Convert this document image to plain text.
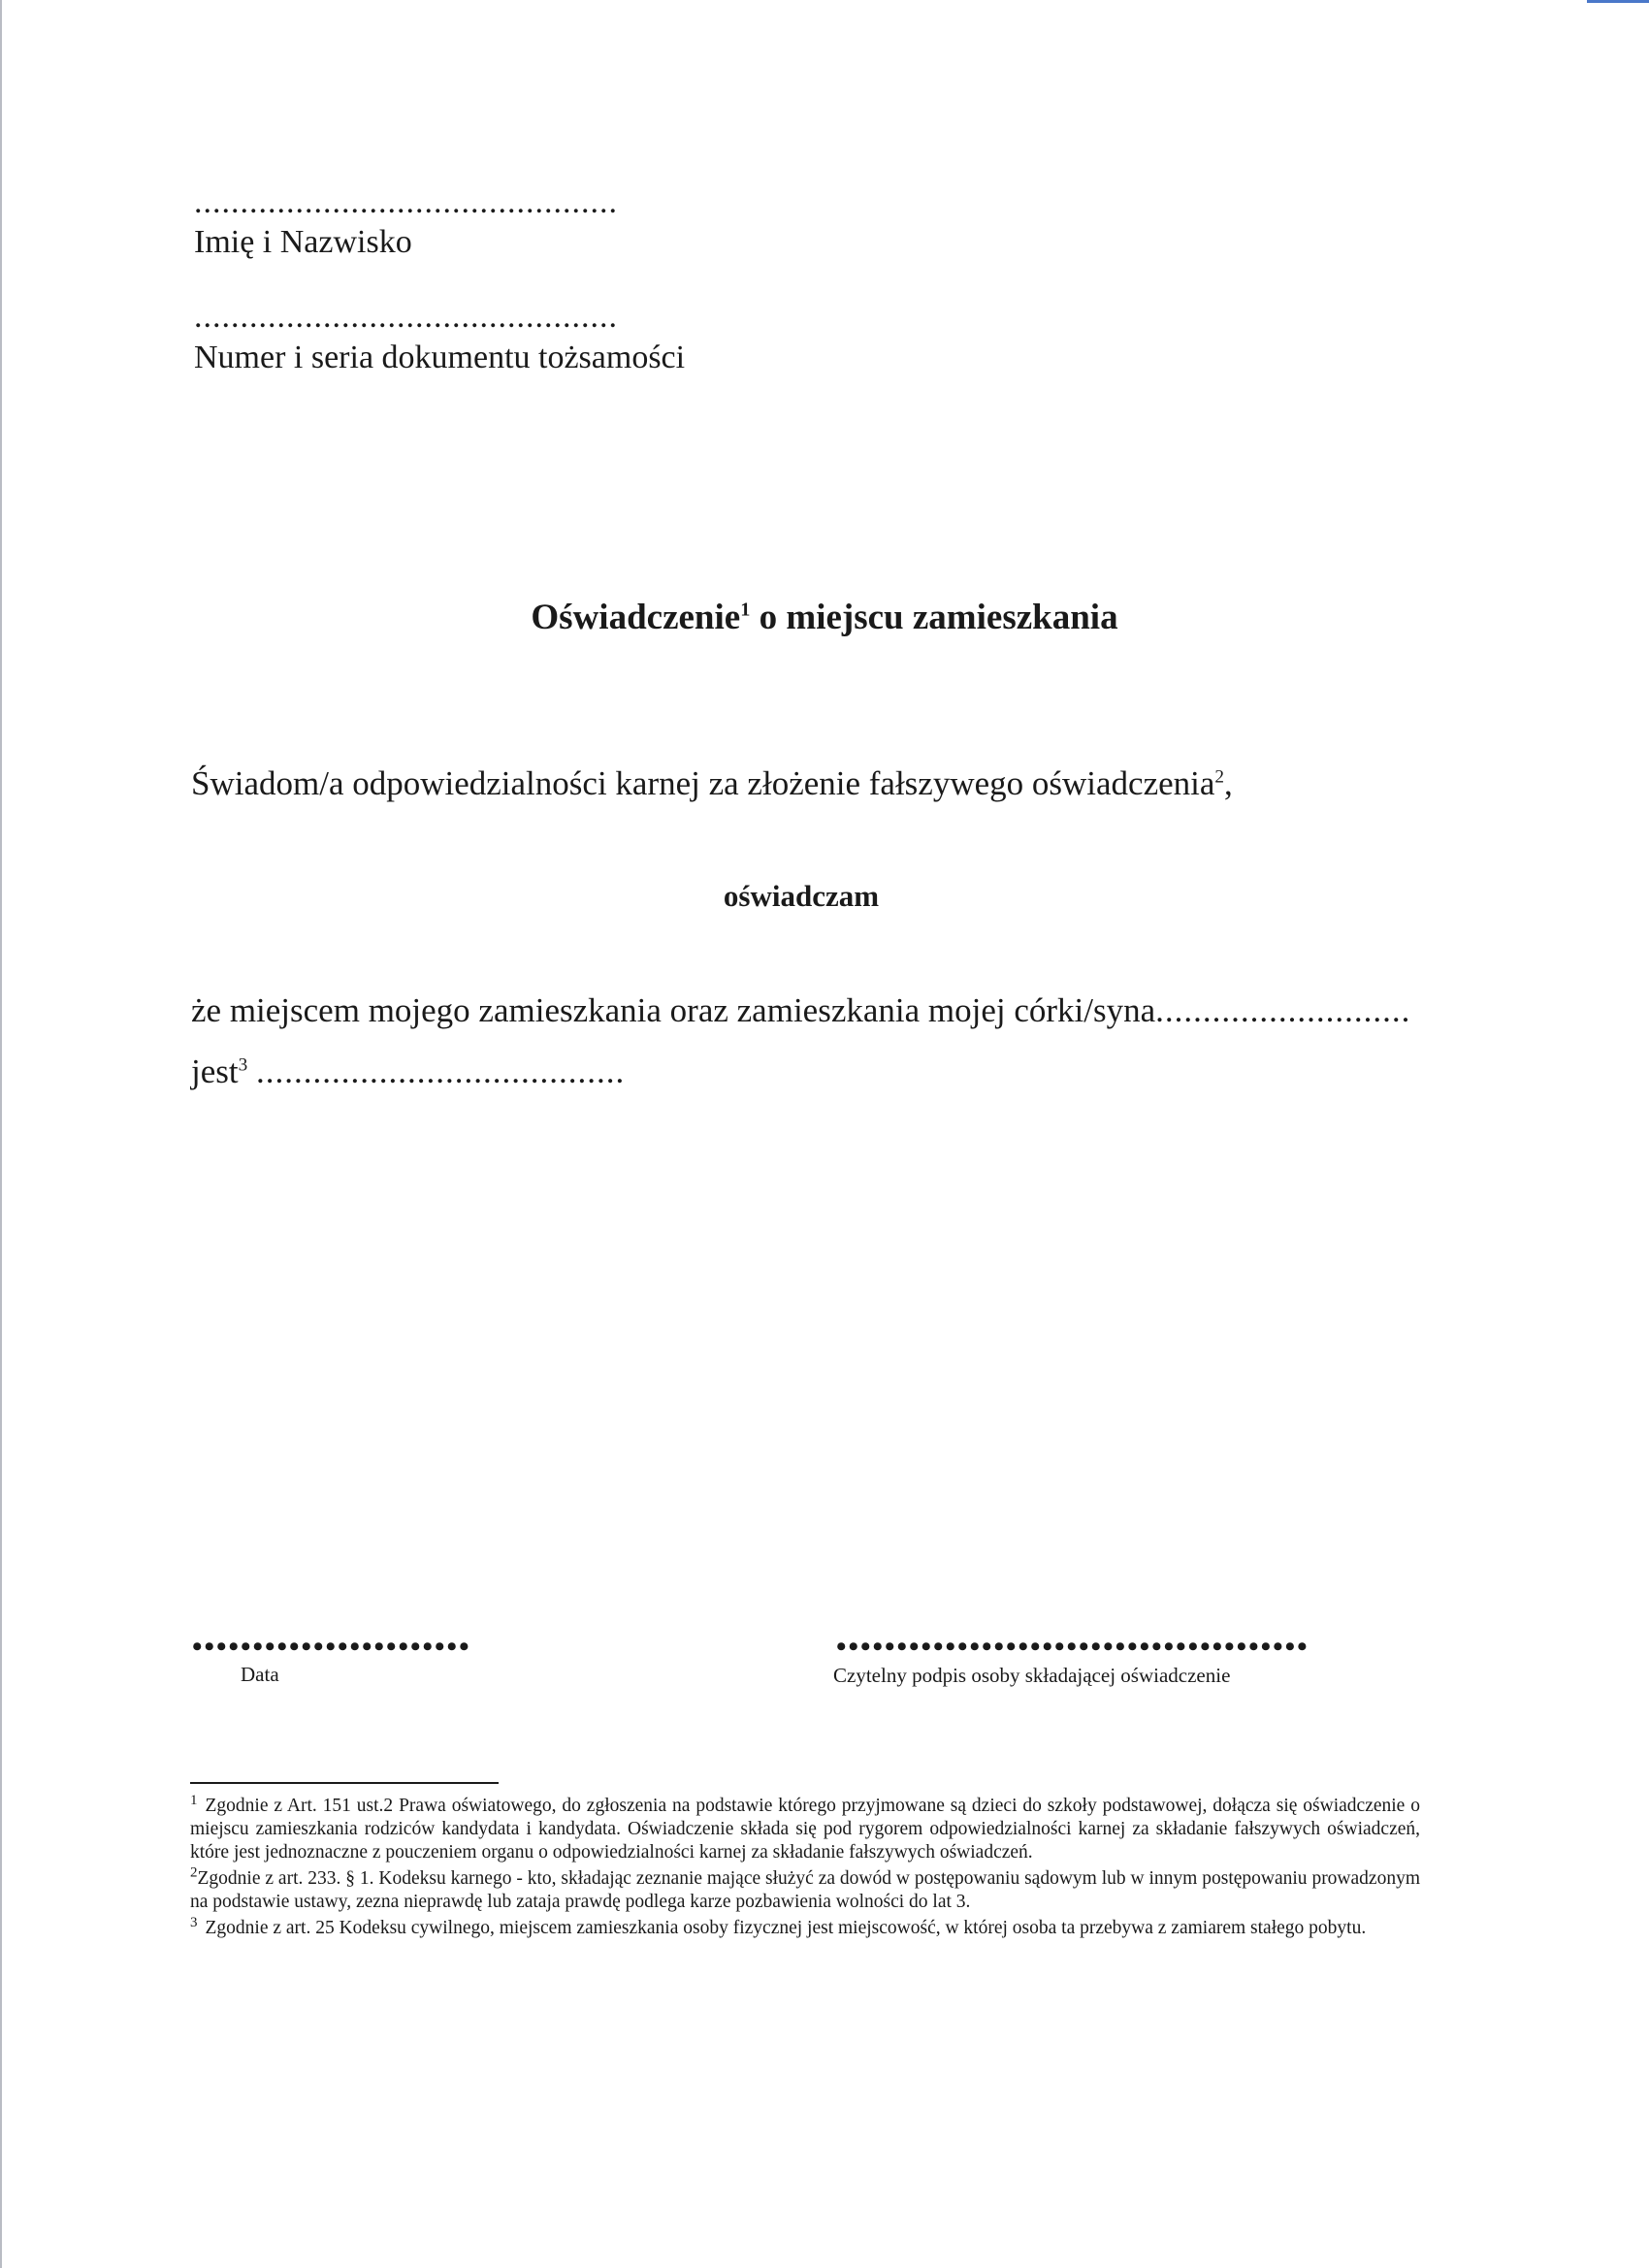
..............................................
Imię i Nazwisko
..............................................
Numer i seria dokumentu tożsamości
Oświadczenie$^1$ o miejscu zamieszkania
Świadom/a odpowiedzialności karnej za złożenie fałszywego oświadczenia$^2$,
oświadczam
że miejscem mojego zamieszkania oraz zamieszkania mojej córki/syna...........................
jest$^3$ .......................................
•••••••••••••••••••••••
Data
•••••••••••••••••••••••••••••••••••••••
Czytelny podpis osoby składającej oświadczenie

$^1$ Zgodnie z Art. 151 ust.2 Prawa oświatowego, do zgłoszenia na podstawie którego przyjmowane są dzieci do szkoły podstawowej, dołącza się oświadczenie o miejscu zamieszkania rodziców kandydata i kandydata. Oświadczenie składa się pod rygorem odpowiedzialności karnej za składanie fałszywych oświadczeń, które jest jednoznaczne z pouczeniem organu o odpowiedzialności karnej za składanie fałszywych oświadczeń.

$^2$Zgodnie z art. 233. § 1. Kodeksu karnego - kto, składając zeznanie mające służyć za dowód w postępowaniu sądowym lub w innym postępowaniu prowadzonym na podstawie ustawy, zezna nieprawdę lub zataja prawdę podlega karze pozbawienia wolności do lat 3.

$^3$ Zgodnie z art. 25 Kodeksu cywilnego, miejscem zamieszkania osoby fizycznej jest miejscowość, w której osoba ta przebywa z zamiarem stałego pobytu.
